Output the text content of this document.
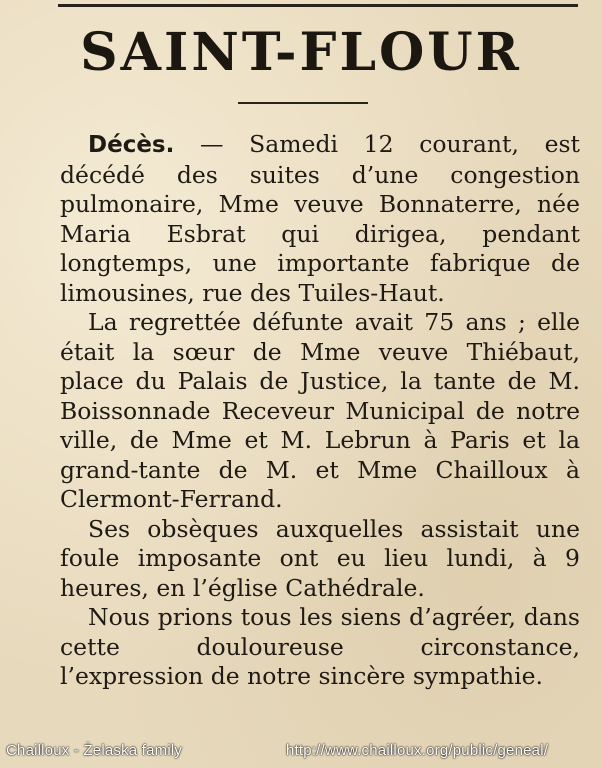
SAINT-FLOUR

Décès. — Samedi 12 courant, est décédé des suites d’une congestion pulmonaire, Mme veuve Bonnaterre, née Maria Esbrat qui dirigea, pendant longtemps, une importante fabrique de limousines, rue des Tuiles-Haut.

La regrettée défunte avait 75 ans ; elle était la sœur de Mme veuve Thiébaut, place du Palais de Justice, la tante de M. Boissonnade Receveur Municipal de notre ville, de Mme et M. Lebrun à Paris et la grand-tante de M. et Mme Chailloux à Clermont-Ferrand.

Ses obsèques auxquelles assistait une foule imposante ont eu lieu lundi, à 9 heures, en l’église Cathédrale.

Nous prions tous les siens d’agréer, dans cette douloureuse circonstance, l’expression de notre sincère sympathie.

Chailloux - Żelaska family	http://www.chailloux.org/public/geneal/
